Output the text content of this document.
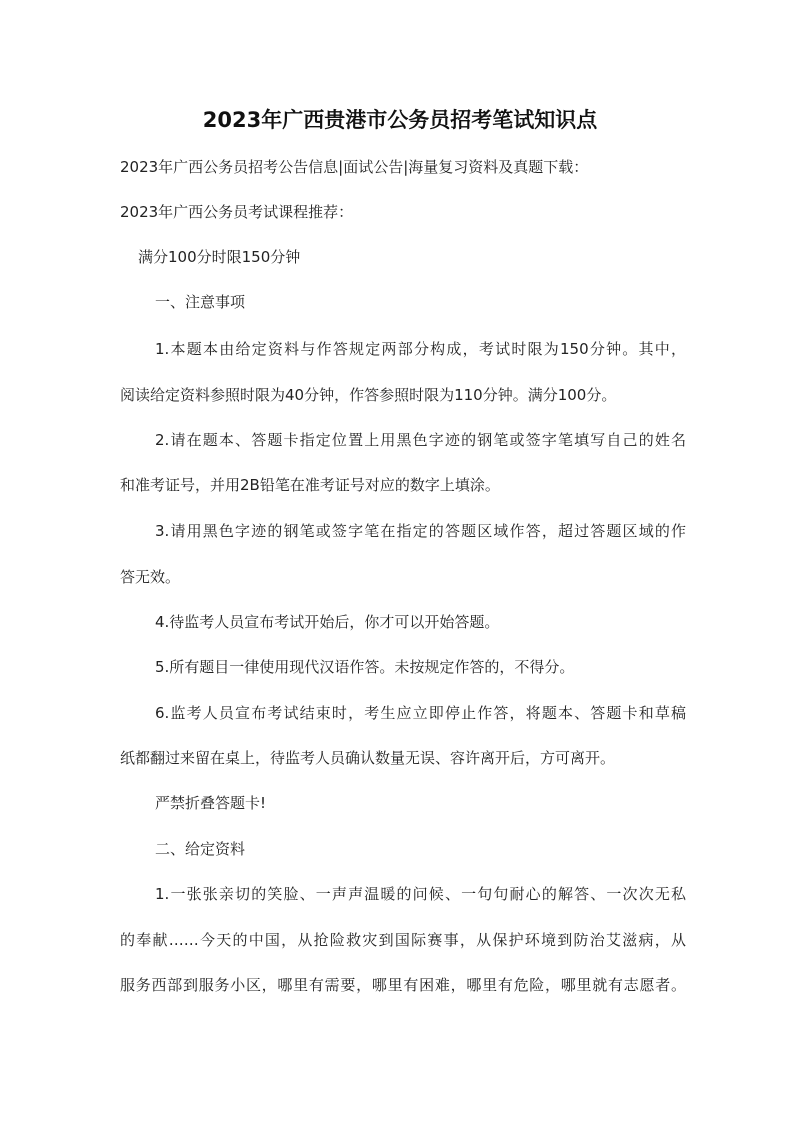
2023年广西贵港市公务员招考笔试知识点
2023年广西公务员招考公告信息|面试公告|海量复习资料及真题下载：
2023年广西公务员考试课程推荐：
满分100分时限150分钟
一、注意事项
1.本题本由给定资料与作答规定两部分构成，考试时限为150分钟。其中，
阅读给定资料参照时限为40分钟，作答参照时限为110分钟。满分100分。
2.请在题本、答题卡指定位置上用黑色字迹的钢笔或签字笔填写自己的姓名
和准考证号，并用2B铅笔在准考证号对应的数字上填涂。
3.请用黑色字迹的钢笔或签字笔在指定的答题区域作答，超过答题区域的作
答无效。
4.待监考人员宣布考试开始后，你才可以开始答题。
5.所有题目一律使用现代汉语作答。未按规定作答的，不得分。
6.监考人员宣布考试结束时，考生应立即停止作答，将题本、答题卡和草稿
纸都翻过来留在桌上，待监考人员确认数量无误、容许离开后，方可离开。
严禁折叠答题卡!
二、给定资料
1.一张张亲切的笑脸、一声声温暖的问候、一句句耐心的解答、一次次无私
的奉献……今天的中国，从抢险救灾到国际赛事，从保护环境到防治艾滋病，从
服务西部到服务小区，哪里有需要，哪里有困难，哪里有危险，哪里就有志愿者。
